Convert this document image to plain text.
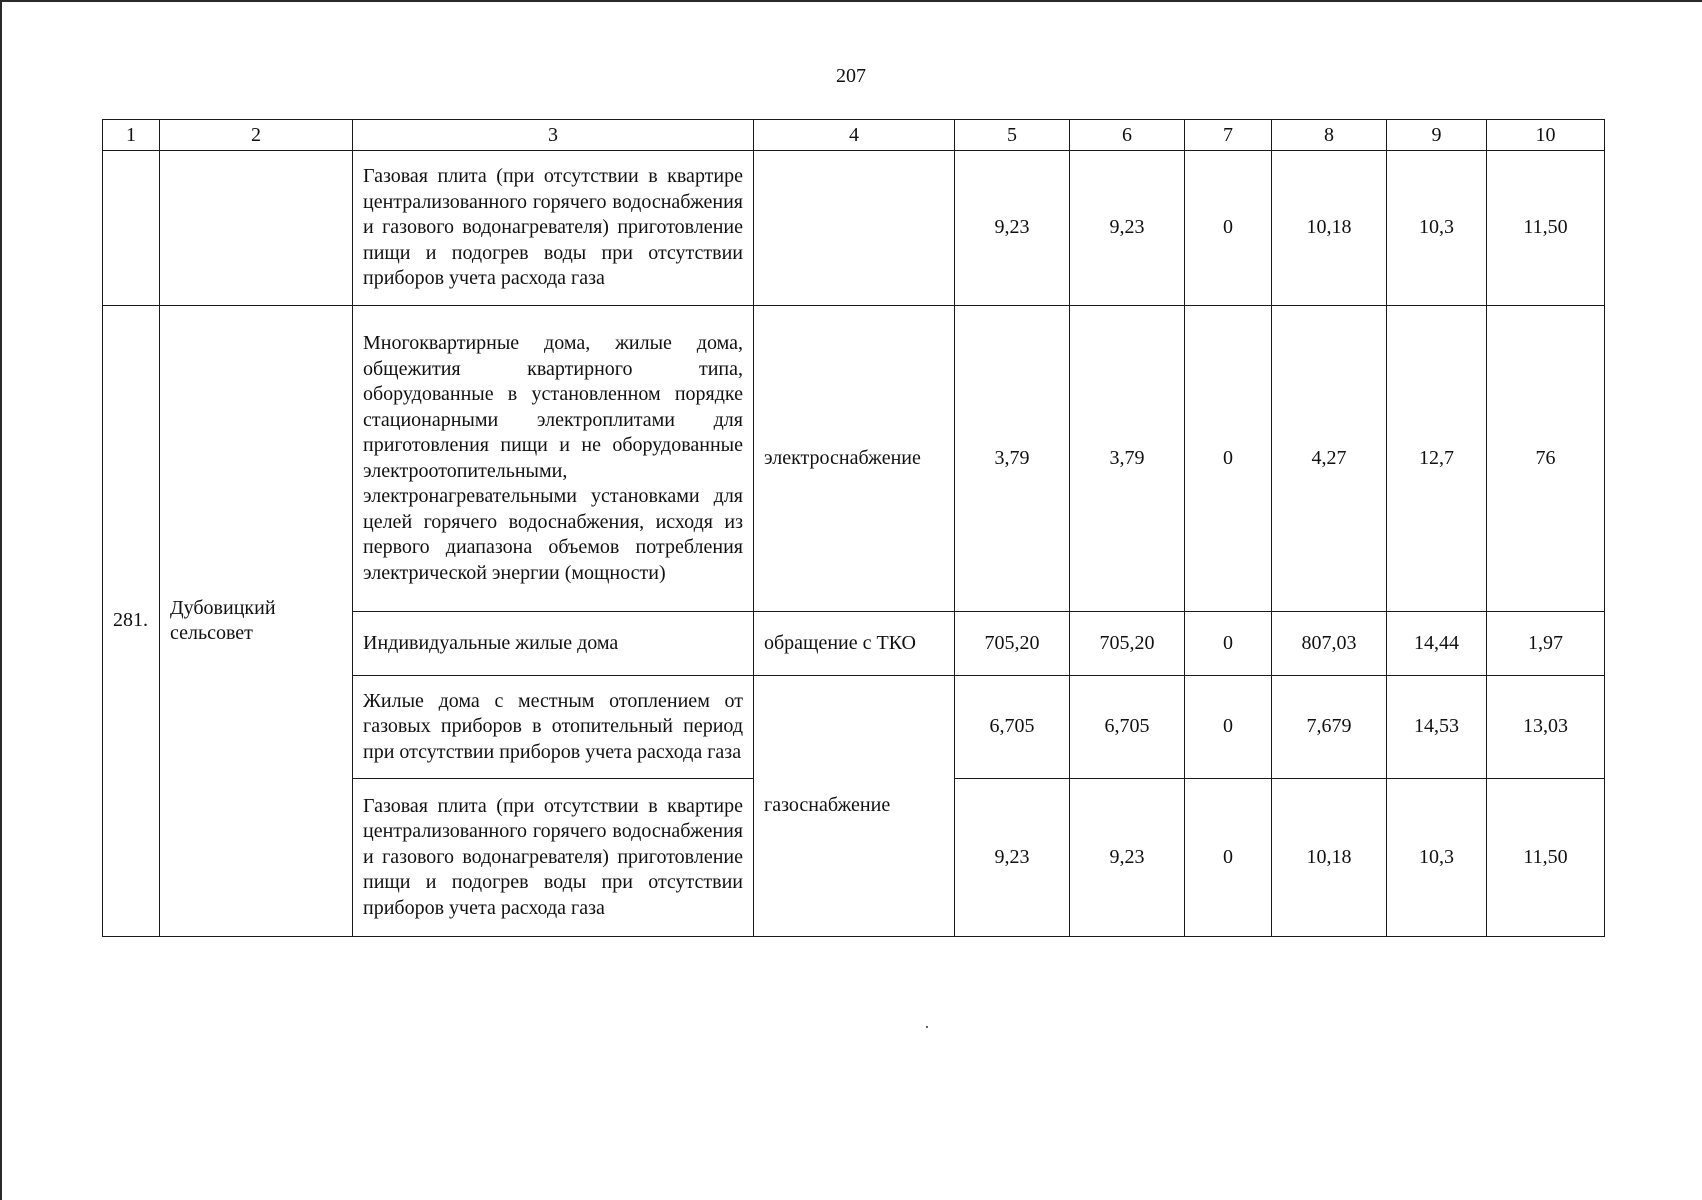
207
1	2	3	4	5	6	7	8	9	10
		Газовая плита (при отсутствии в квартире централизованного горячего водоснабжения и газового водонагревателя) приготовление пищи и подогрев воды при отсутствии приборов учета расхода газа		9,23	9,23	0	10,18	10,3	11,50
281.	Дубовицкий сельсовет	Многоквартирные дома, жилые дома, общежития квартирного типа, оборудованные в установленном порядке стационарными электроплитами для приготовления пищи и не оборудованные электроотопительными, электронагревательными установками для целей горячего водоснабжения, исходя из первого диапазона объемов потребления электрической энергии (мощности)	электроснабжение	3,79	3,79	0	4,27	12,7	76
		Индивидуальные жилые дома	обращение с ТКО	705,20	705,20	0	807,03	14,44	1,97
		Жилые дома с местным отоплением от газовых приборов в отопительный период при отсутствии приборов учета расхода газа	газоснабжение	6,705	6,705	0	7,679	14,53	13,03
		Газовая плита (при отсутствии в квартире централизованного горячего водоснабжения и газового водонагревателя) приготовление пищи и подогрев воды при отсутствии приборов учета расхода газа		9,23	9,23	0	10,18	10,3	11,50
